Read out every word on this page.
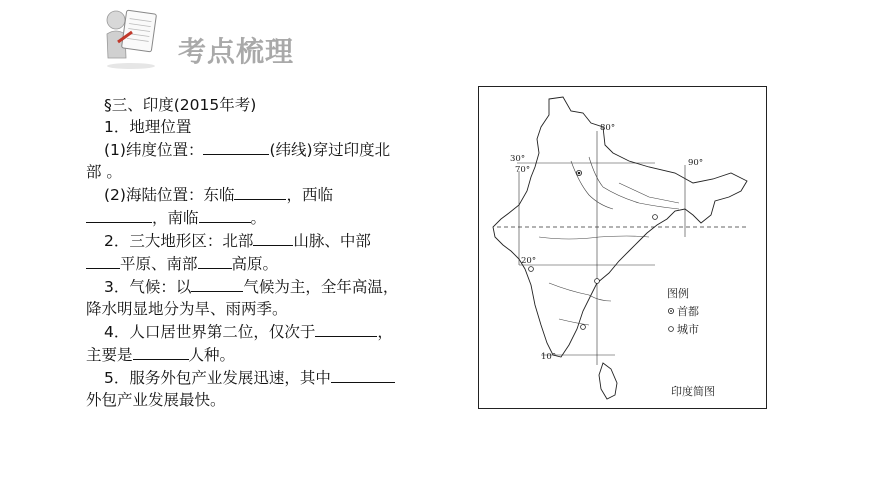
考点梳理
§三、印度(2015年考)
1．地理位置
(1)纬度位置：	(纬线)穿过印度北
部 。
(2)海陆位置：东临	，西临
，南临	。
2．三大地形区：北部	山脉、中部
平原、南部 高原。
3．气候：以	气候为主，全年高温，
降水明显地分为旱、雨两季。
4．人口居世界第二位，仅次于	，
主要是	人种。
5．服务外包产业发展迅速，其中
外包产业发展最快。
80°
30°
70°
90°
20°
10°
图例
首都
城市
印度简图
